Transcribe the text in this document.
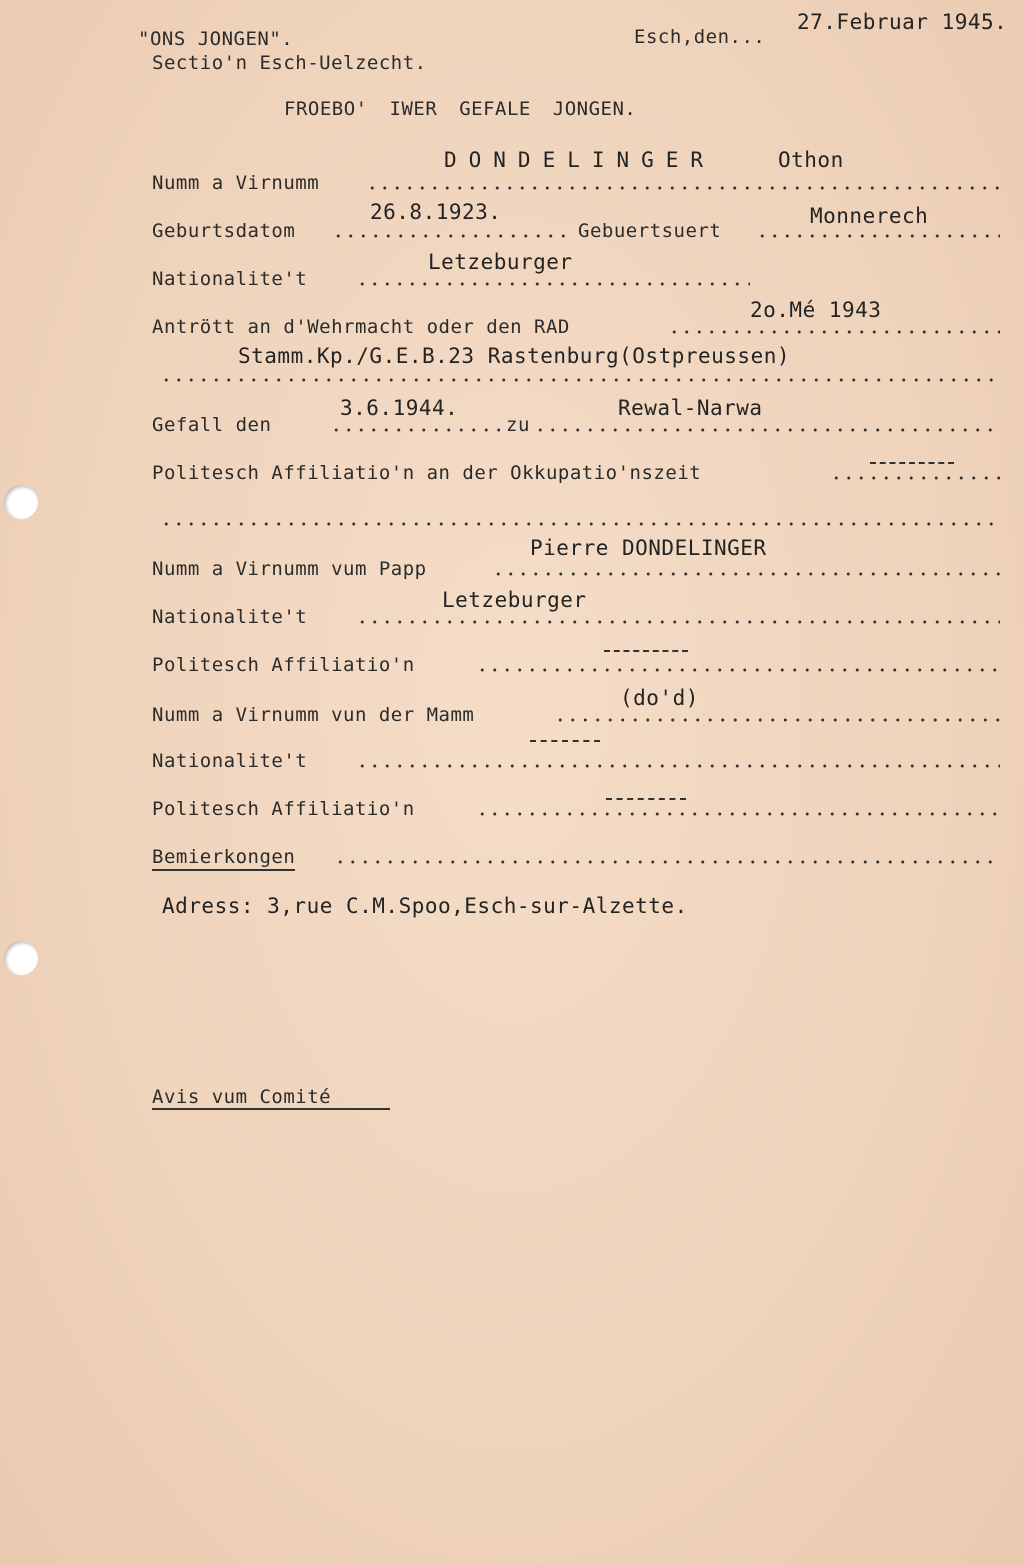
"ONS JONGEN".
Sectio'n Esch-Uelzecht.
Esch,den...
27.Februar 1945.
FROEBO' IWER GEFALE JONGEN.
Numm a Virnumm
DONDELINGER	Othon
Geburtsdatom
26.8.1923.
Gebuertsuert
Monnerech
Nationalite't
Letzeburger
Antrött an d'Wehrmacht oder den RAD
2o.Mé 1943
Stamm.Kp./G.E.B.23 Rastenburg(Ostpreussen)
Gefall den
3.6.1944.
zu
Rewal-Narwa
Politesch Affiliatio'n an der Okkupatio'nszeit
Numm a Virnumm vum Papp
Pierre DONDELINGER
Nationalite't
Letzeburger
Politesch Affiliatio'n
Numm a Virnumm vun der Mamm
(do'd)
Nationalite't
Politesch Affiliatio'n
Bemierkongen
Adress: 3,rue C.M.Spoo,Esch-sur-Alzette.
Avis vum Comité
